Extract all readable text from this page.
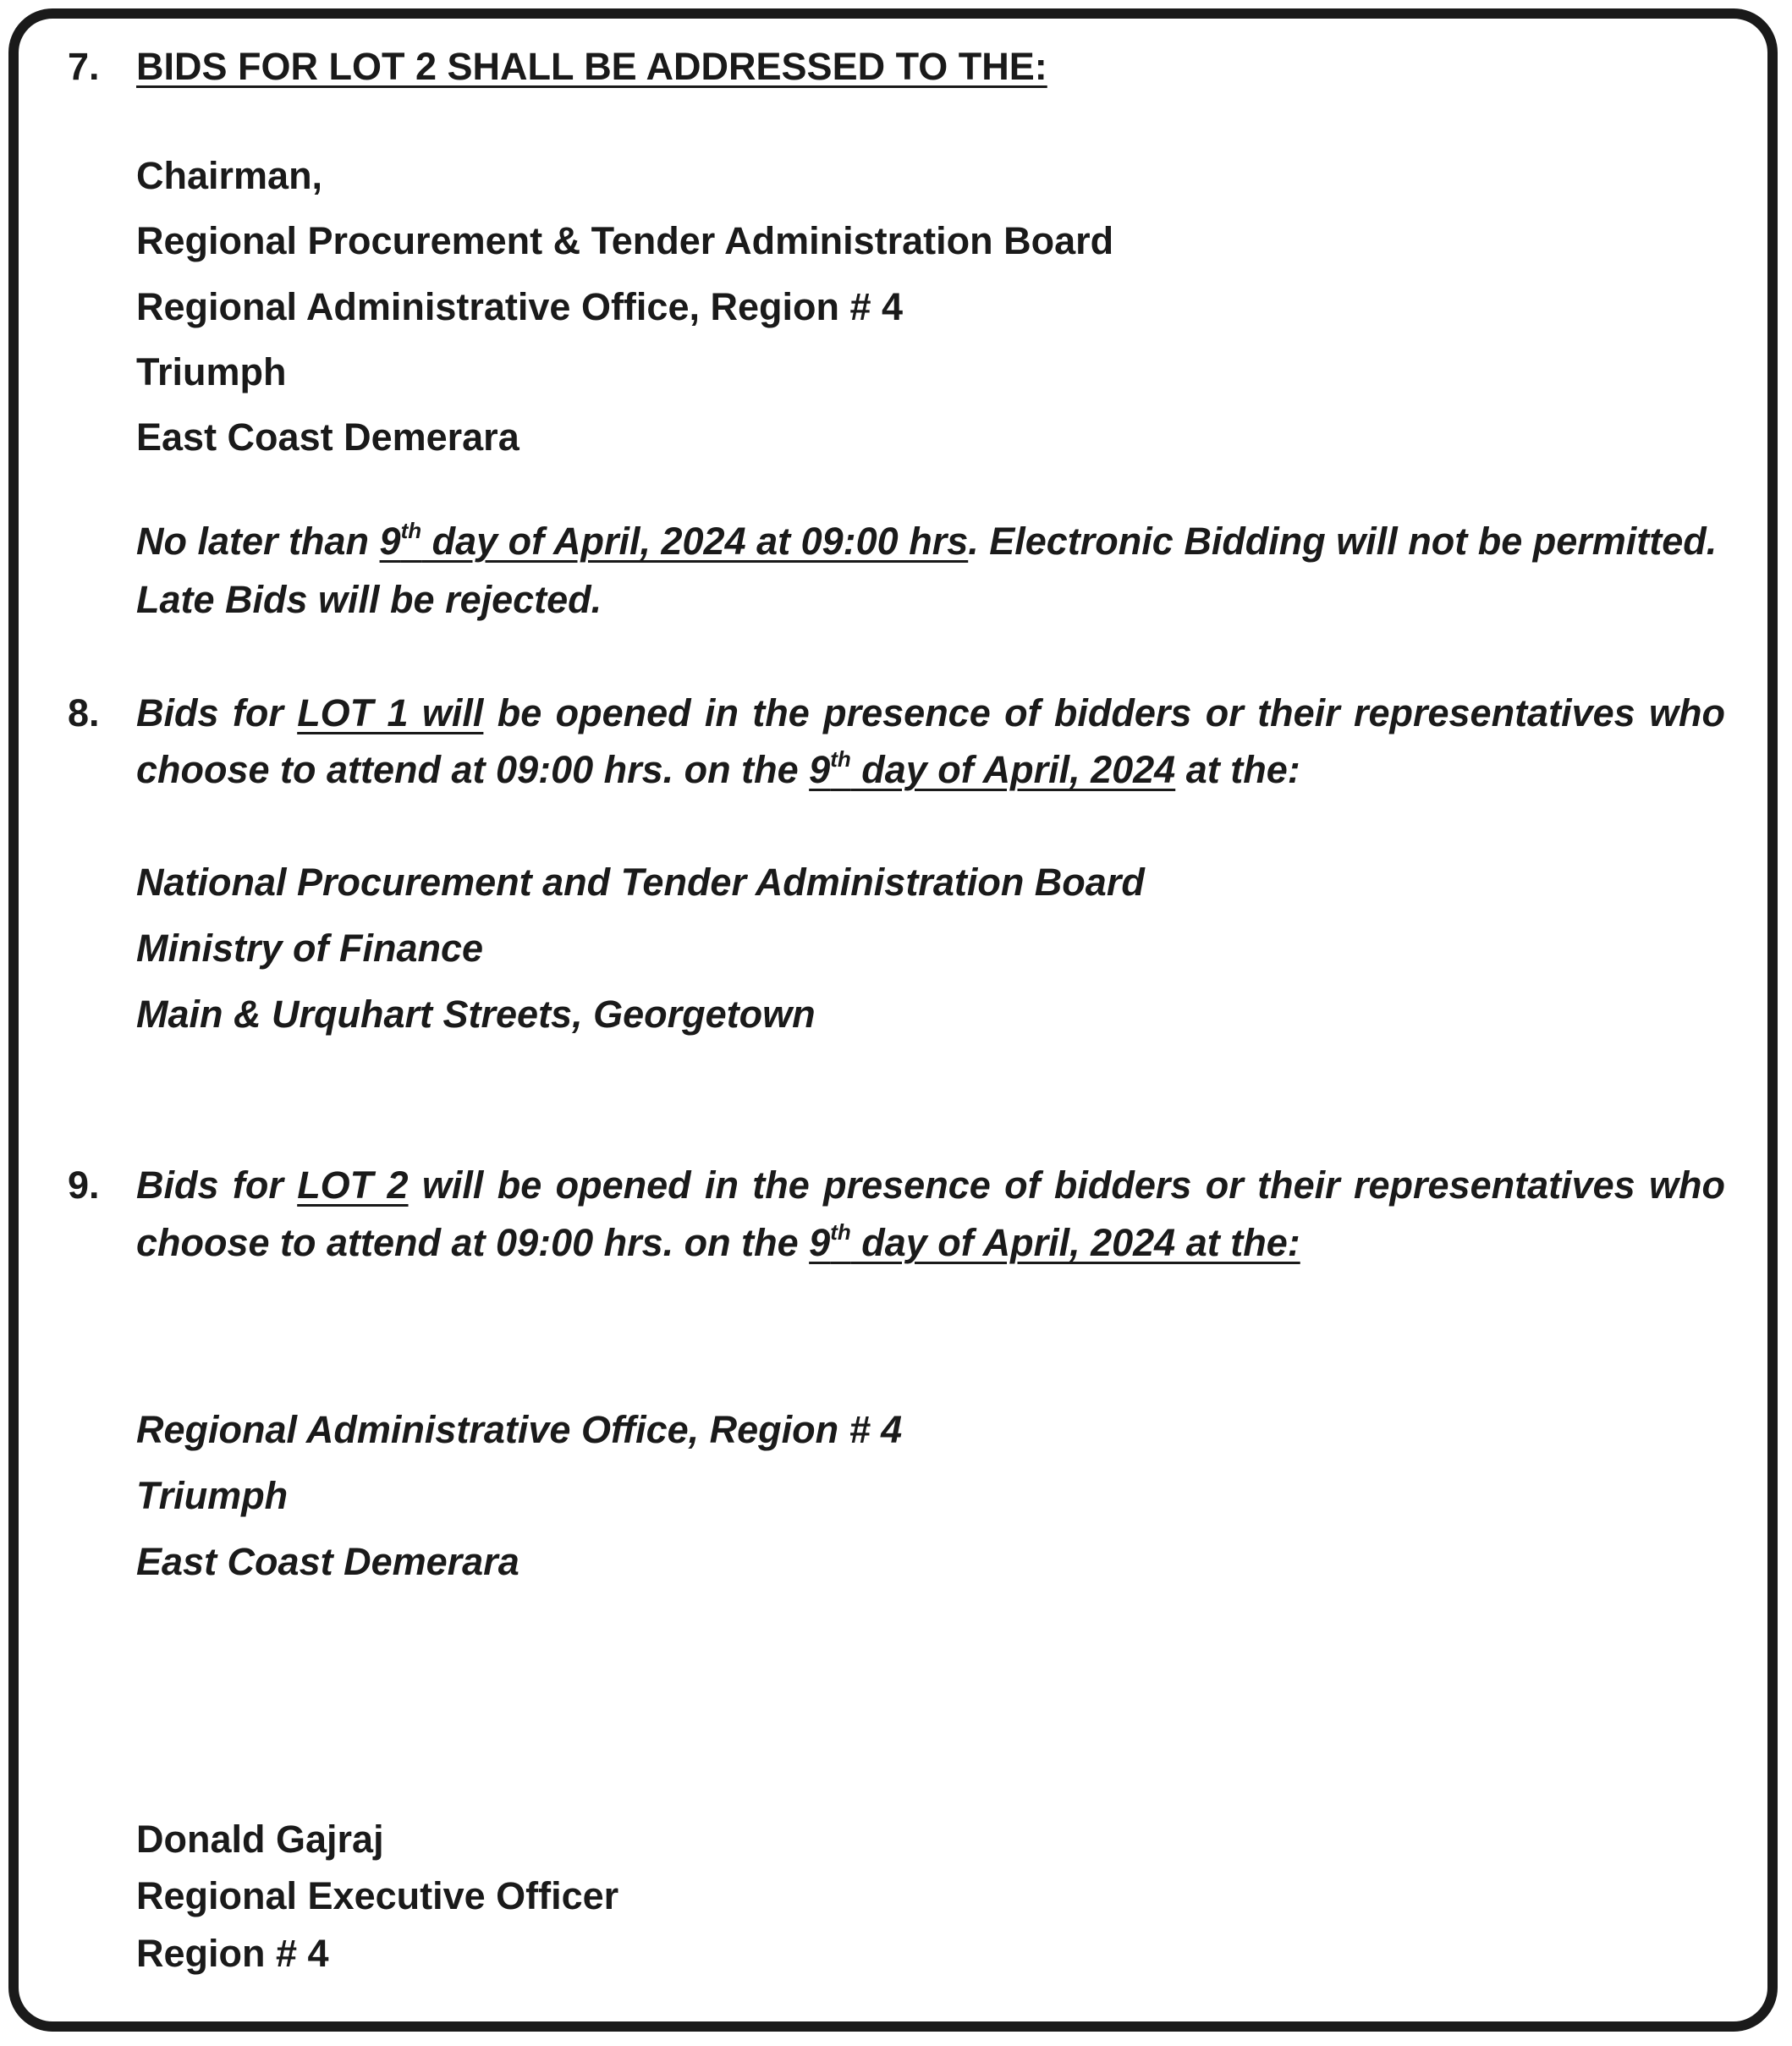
7. BIDS FOR LOT 2 SHALL BE ADDRESSED TO THE:
Chairman,
Regional Procurement & Tender Administration Board
Regional Administrative Office, Region # 4
Triumph
East Coast Demerara
No later than 9th day of April, 2024 at 09:00 hrs. Electronic Bidding will not be permitted.
Late Bids will be rejected.
8. Bids for LOT 1 will be opened in the presence of bidders or their representatives who
choose to attend at 09:00 hrs. on the 9th day of April, 2024 at the:
National Procurement and Tender Administration Board
Ministry of Finance
Main & Urquhart Streets, Georgetown
9. Bids for LOT 2 will be opened in the presence of bidders or their representatives who
choose to attend at 09:00 hrs. on the 9th day of April, 2024 at the:
Regional Administrative Office, Region # 4
Triumph
East Coast Demerara
Donald Gajraj
Regional Executive Officer
Region # 4
